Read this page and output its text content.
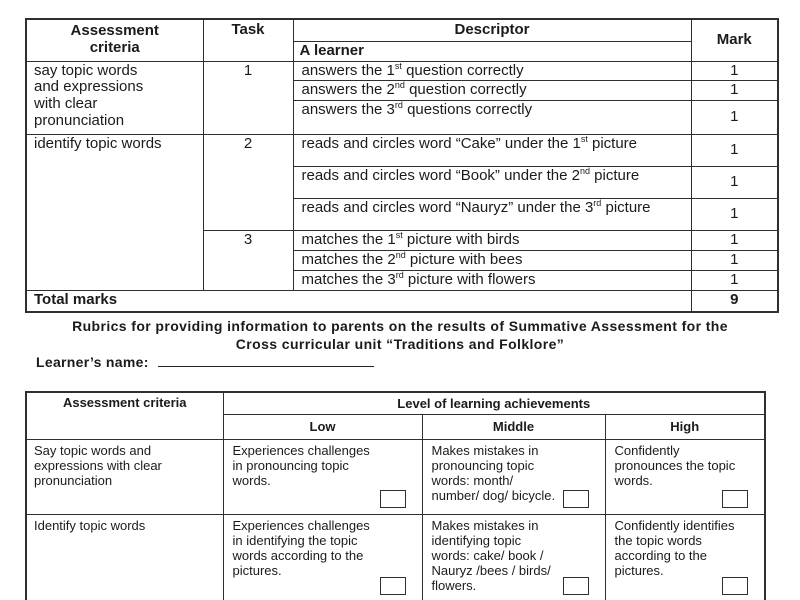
Assessment criteria	Task	Descriptor	Mark
		A learner	
say topic words and expressions with clear pronunciation	1	answers the 1st question correctly	1
		answers the 2nd question correctly	1
		answers the 3rd questions correctly	1
identify topic words	2	reads and circles word “Cake” under the 1st picture	1
		reads and circles word “Book” under the 2nd picture	1
		reads and circles word “Nauryz” under the 3rd picture	1
	3	matches the 1st picture with birds	1
		matches the 2nd picture with bees	1
		matches the 3rd picture with flowers	1
Total marks			9
Rubrics for providing information to parents on the results of Summative Assessment for the Cross curricular unit “Traditions and Folklore”
Learner’s name:
Assessment criteria	Level of learning achievements		
	Low	Middle	High
Say topic words and expressions with clear pronunciation	Experiences challenges in pronouncing topic words.	Makes mistakes in pronouncing topic words: month/ number/ dog/ bicycle.	Confidently pronounces the topic words.

Identify topic words	Experiences challenges in identifying the topic words according to the pictures.	Makes mistakes in identifying topic words: cake/ book / Nauryz /bees / birds/ flowers.	Confidently identifies the topic words according to the pictures.
